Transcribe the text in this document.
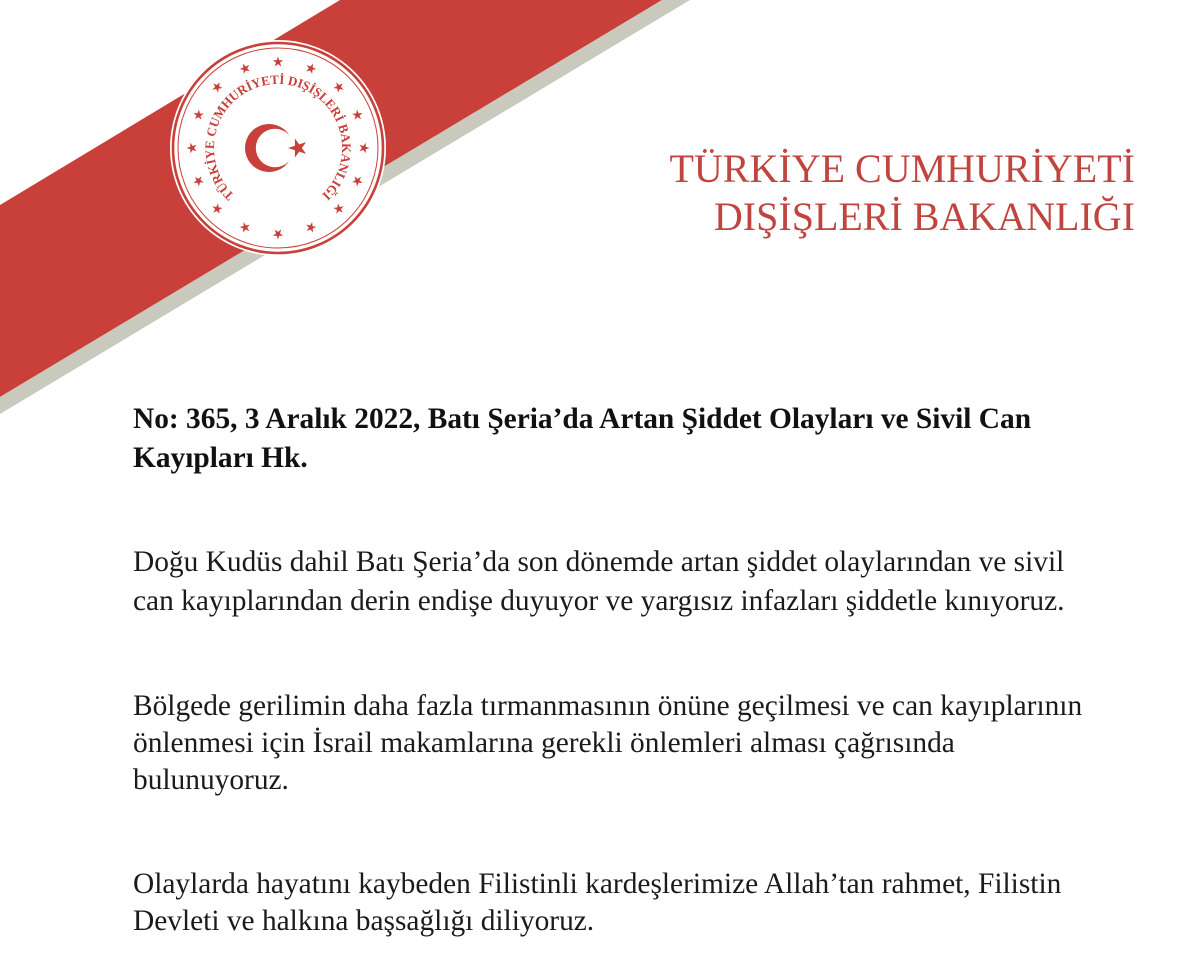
TÜRKİYE CUMHURİYETİ DIŞİŞLERİ BAKANLIĞI
TÜRKİYE CUMHURİYETİ
DIŞİŞLERİ BAKANLIĞI
No: 365, 3 Aralık 2022, Batı Şeria’da Artan Şiddet Olayları ve Sivil Can
Kayıpları Hk.
Doğu Kudüs dahil Batı Şeria’da son dönemde artan şiddet olaylarından ve sivil
can kayıplarından derin endişe duyuyor ve yargısız infazları şiddetle kınıyoruz.
Bölgede gerilimin daha fazla tırmanmasının önüne geçilmesi ve can kayıplarının
önlenmesi için İsrail makamlarına gerekli önlemleri alması çağrısında
bulunuyoruz.
Olaylarda hayatını kaybeden Filistinli kardeşlerimize Allah’tan rahmet, Filistin
Devleti ve halkına başsağlığı diliyoruz.
